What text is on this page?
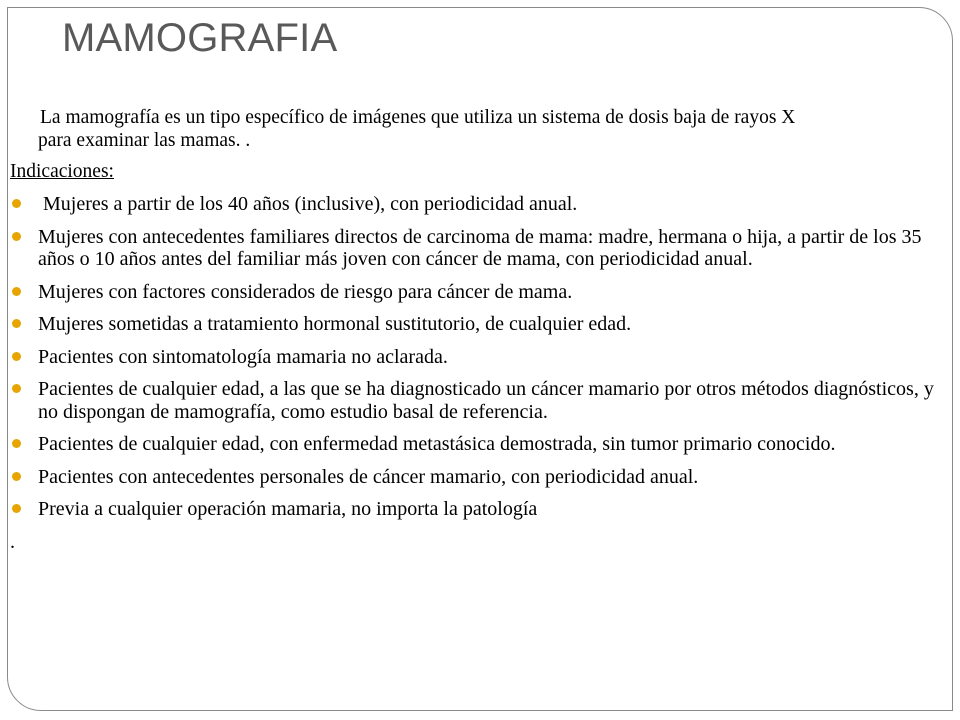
MAMOGRAFIA

La mamografía es un tipo específico de imágenes que utiliza un sistema de dosis baja de rayos X
para examinar las mamas. .

Indicaciones:
Mujeres a partir de los 40 años (inclusive), con periodicidad anual.
Mujeres con antecedentes familiares directos de carcinoma de mama: madre, hermana o hija, a partir de los 35 años o 10 años antes del familiar más joven con cáncer de mama, con periodicidad anual.
Mujeres con factores considerados de riesgo para cáncer de mama.
Mujeres sometidas a tratamiento hormonal sustitutorio, de cualquier edad.
Pacientes con sintomatología mamaria no aclarada.
Pacientes de cualquier edad, a las que se ha diagnosticado un cáncer mamario por otros métodos diagnósticos, y no dispongan de mamografía, como estudio basal de referencia.
Pacientes de cualquier edad, con enfermedad metastásica demostrada, sin tumor primario conocido.
Pacientes con antecedentes personales de cáncer mamario, con periodicidad anual.
Previa a cualquier operación mamaria, no importa la patología

.
